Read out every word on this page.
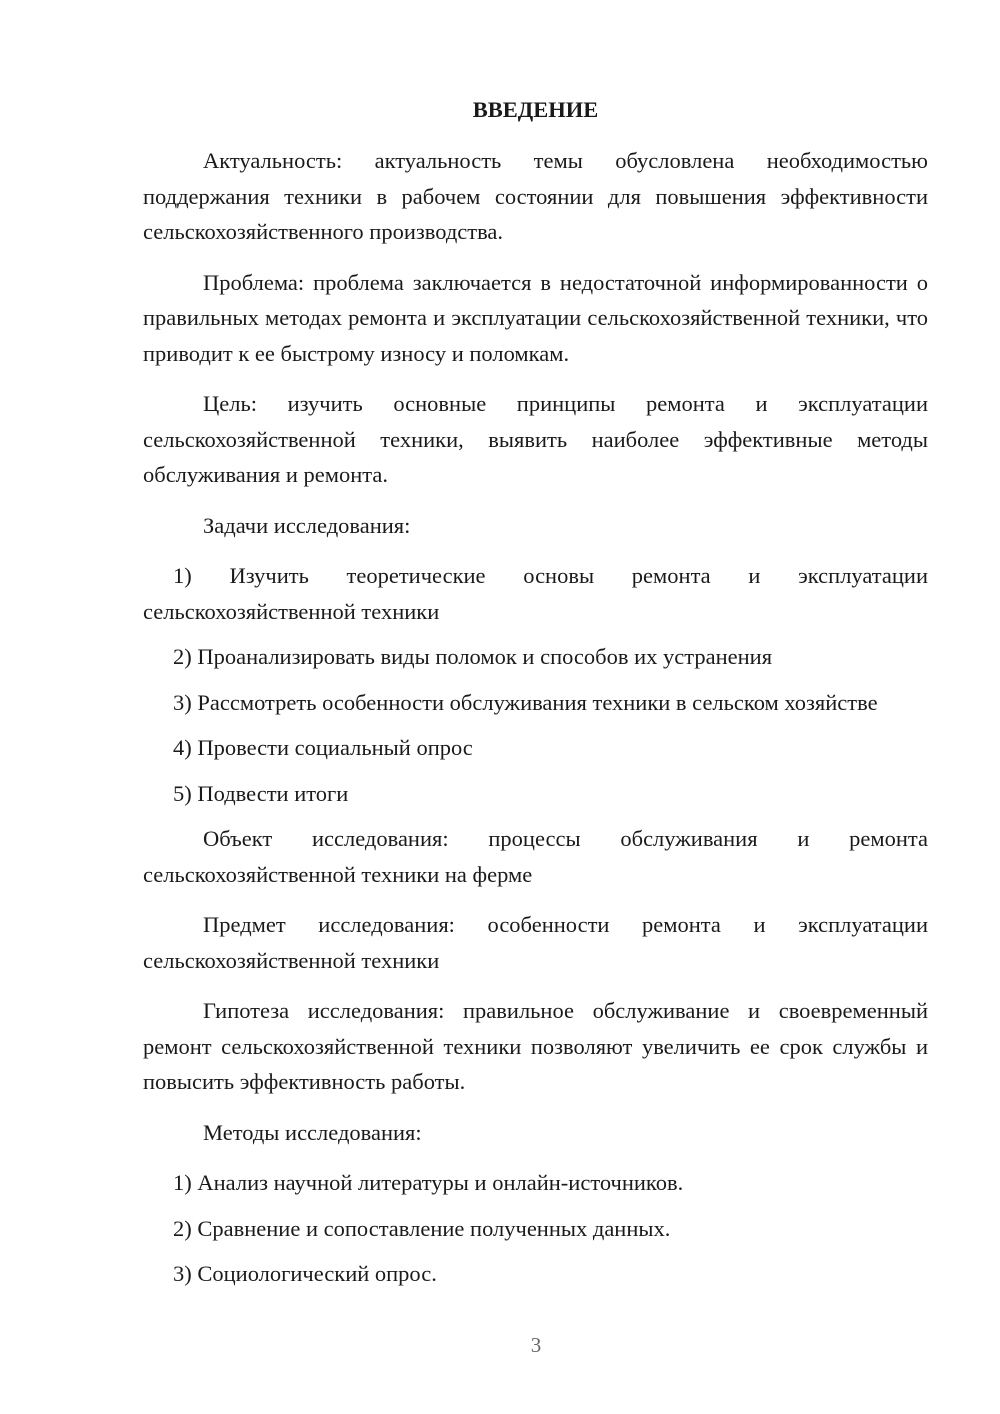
ВВЕДЕНИЕ

Актуальность: актуальность темы обусловлена необходимостью поддержания техники в рабочем состоянии для повышения эффективности сельскохозяйственного производства.

Проблема: проблема заключается в недостаточной информированности о правильных методах ремонта и эксплуатации сельскохозяйственной техники, что приводит к ее быстрому износу и поломкам.

Цель: изучить основные принципы ремонта и эксплуатации сельскохозяйственной техники, выявить наиболее эффективные методы обслуживания и ремонта.

Задачи исследования:

1) Изучить теоретические основы ремонта и эксплуатации сельскохозяйственной техники

2) Проанализировать виды поломок и способов их устранения

3) Рассмотреть особенности обслуживания техники в сельском хозяйстве

4) Провести социальный опрос

5) Подвести итоги

Объект исследования: процессы обслуживания и ремонта сельскохозяйственной техники на ферме

Предмет исследования: особенности ремонта и эксплуатации сельскохозяйственной техники

Гипотеза исследования: правильное обслуживание и своевременный ремонт сельскохозяйственной техники позволяют увеличить ее срок службы и повысить эффективность работы.

Методы исследования:

1) Анализ научной литературы и онлайн-источников.

2) Сравнение и сопоставление полученных данных.

3) Социологический опрос.

3
